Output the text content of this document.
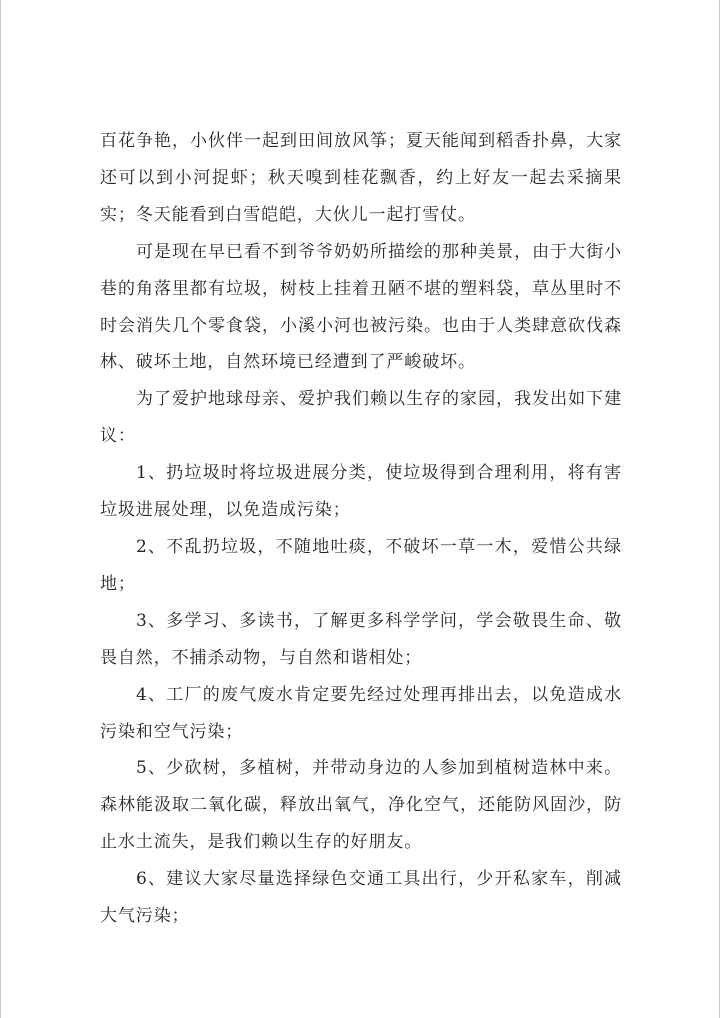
百花争艳，小伙伴一起到田间放风筝；夏天能闻到稻香扑鼻，大家还可以到小河捉虾；秋天嗅到桂花飘香，约上好友一起去采摘果实；冬天能看到白雪皑皑，大伙儿一起打雪仗。

可是现在早已看不到爷爷奶奶所描绘的那种美景，由于大街小巷的角落里都有垃圾，树枝上挂着丑陋不堪的塑料袋，草丛里时不时会消失几个零食袋，小溪小河也被污染。也由于人类肆意砍伐森林、破坏土地，自然环境已经遭到了严峻破坏。

为了爱护地球母亲、爱护我们赖以生存的家园，我发出如下建议：

1、扔垃圾时将垃圾进展分类，使垃圾得到合理利用，将有害垃圾进展处理，以免造成污染；

2、不乱扔垃圾，不随地吐痰，不破坏一草一木，爱惜公共绿地；

3、多学习、多读书，了解更多科学学问，学会敬畏生命、敬畏自然，不捕杀动物，与自然和谐相处；

4、工厂的废气废水肯定要先经过处理再排出去，以免造成水污染和空气污染；

5、少砍树，多植树，并带动身边的人参加到植树造林中来。森林能汲取二氧化碳，释放出氧气，净化空气，还能防风固沙，防止水土流失，是我们赖以生存的好朋友。

6、建议大家尽量选择绿色交通工具出行，少开私家车，削减大气污染；
